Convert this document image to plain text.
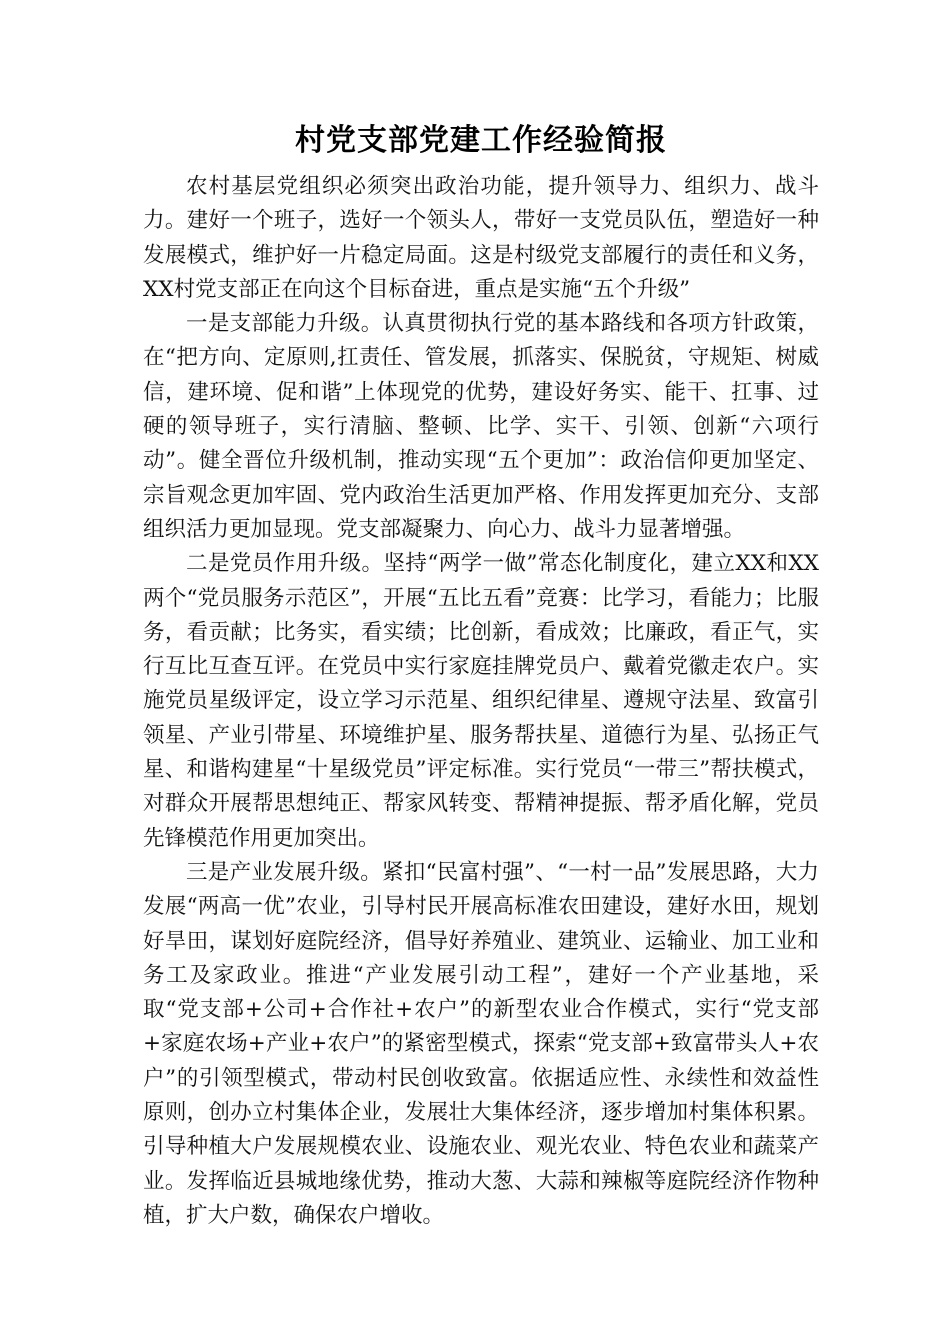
村党支部党建工作经验简报

农村基层党组织必须突出政治功能，提升领导力、组织力、战斗力。建好一个班子，选好一个领头人，带好一支党员队伍，塑造好一种发展模式，维护好一片稳定局面。这是村级党支部履行的责任和义务，XX村党支部正在向这个目标奋进，重点是实施“五个升级”

一是支部能力升级。认真贯彻执行党的基本路线和各项方针政策，在“把方向、定原则,扛责任、管发展，抓落实、保脱贫，守规矩、树威信，建环境、促和谐”上体现党的优势，建设好务实、能干、扛事、过硬的领导班子，实行清脑、整顿、比学、实干、引领、创新“六项行动”。健全晋位升级机制，推动实现“五个更加”：政治信仰更加坚定、宗旨观念更加牢固、党内政治生活更加严格、作用发挥更加充分、支部组织活力更加显现。党支部凝聚力、向心力、战斗力显著增强。

二是党员作用升级。坚持“两学一做”常态化制度化，建立XX和XX两个“党员服务示范区”，开展“五比五看”竞赛：比学习，看能力；比服务，看贡献；比务实，看实绩；比创新，看成效；比廉政，看正气，实行互比互查互评。在党员中实行家庭挂牌党员户、戴着党徽走农户。实施党员星级评定，设立学习示范星、组织纪律星、遵规守法星、致富引领星、产业引带星、环境维护星、服务帮扶星、道德行为星、弘扬正气星、和谐构建星“十星级党员”评定标准。实行党员“一带三”帮扶模式，对群众开展帮思想纯正、帮家风转变、帮精神提振、帮矛盾化解，党员先锋模范作用更加突出。

三是产业发展升级。紧扣“民富村强”、“一村一品”发展思路，大力发展“两高一优”农业，引导村民开展高标准农田建设，建好水田，规划好旱田，谋划好庭院经济，倡导好养殖业、建筑业、运输业、加工业和务工及家政业。推进“产业发展引动工程”，建好一个产业基地，采取“党支部+公司+合作社+农户”的新型农业合作模式，实行“党支部+家庭农场+产业+农户”的紧密型模式，探索“党支部+致富带头人+农户”的引领型模式，带动村民创收致富。依据适应性、永续性和效益性原则，创办立村集体企业，发展壮大集体经济，逐步增加村集体积累。引导种植大户发展规模农业、设施农业、观光农业、特色农业和蔬菜产业。发挥临近县城地缘优势，推动大葱、大蒜和辣椒等庭院经济作物种植，扩大户数，确保农户增收。
